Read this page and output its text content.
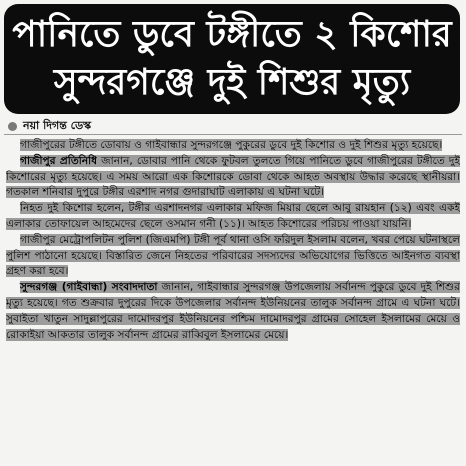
পানিতে ডুবে টঙ্গীতে ২ কিশোর
সুন্দরগঞ্জে দুই শিশুর মৃত্যু
নয়া দিগন্ত ডেস্ক

গাজীপুরের টঙ্গীতে ডোবায় ও গাইবান্ধার সুন্দরগঞ্জে পুকুরের ডুবে দুই কিশোর ও দুই শিশুর মৃত্যু হয়েছে।

গাজীপুর প্রতিনিধি জানান, ডোবার পানি থেকে ফুটবল তুলতে গিয়ে পানিতে ডুবে গাজীপুরের টঙ্গীতে দুই কিশোরের মৃত্যু হয়েছে। এ সময় আরো এক কিশোরকে ডোবা থেকে আহত অবস্থায় উদ্ধার করেছে স্থানীয়রা। গতকাল শনিবার দুপুরে টঙ্গীর এরশাদ নগর গুদারাঘাট এলাকায় এ ঘটনা ঘটে।

নিহত দুই কিশোর হলেন, টঙ্গীর এরশাদনগর এলাকার মফিজ মিয়ার ছেলে আবু রায়হান (১২) এবং একই এলাকার তোফায়েল আহমেদের ছেলে ওসমান গনী (১১)। আহত কিশোরের পরিচয় পাওয়া যায়নি।

গাজীপুর মেট্রোপলিটন পুলিশ (জিএমপি) টঙ্গী পূর্ব থানা ওসি ফরিদুল ইসলাম বলেন, খবর পেয়ে ঘটনাস্থলে পুলিশ পাঠানো হয়েছে। বিস্তারিত জেনে নিহতের পরিবারের সদস্যদের অভিযোগের ভিত্তিতে আইনগত ব্যবস্থা গ্রহণ করা হবে।

সুন্দরগঞ্জ (গাইবান্ধা) সংবাদদাতা জানান, গাইবান্ধার সুন্দরগঞ্জ উপজেলায় সর্বানন্দ পুকুরে ডুবে দুই শিশুর মৃত্যু হয়েছে। গত শুক্রবার দুপুরের দিকে উপজেলার সর্বানন্দ ইউনিয়নের তালুক সর্বানন্দ গ্রামে এ ঘটনা ঘটে। সুবাইতা খাতুন সাদুল্লাপুরের দামোদরপুর ইউনিয়নের পশ্চিম দামোদরপুর গ্রামের সোহেল ইসলামের মেয়ে ও রোকাইয়া আকতার তালুক সর্বানন্দ গ্রামের রাব্বিবুল ইসলামের মেয়ে।
